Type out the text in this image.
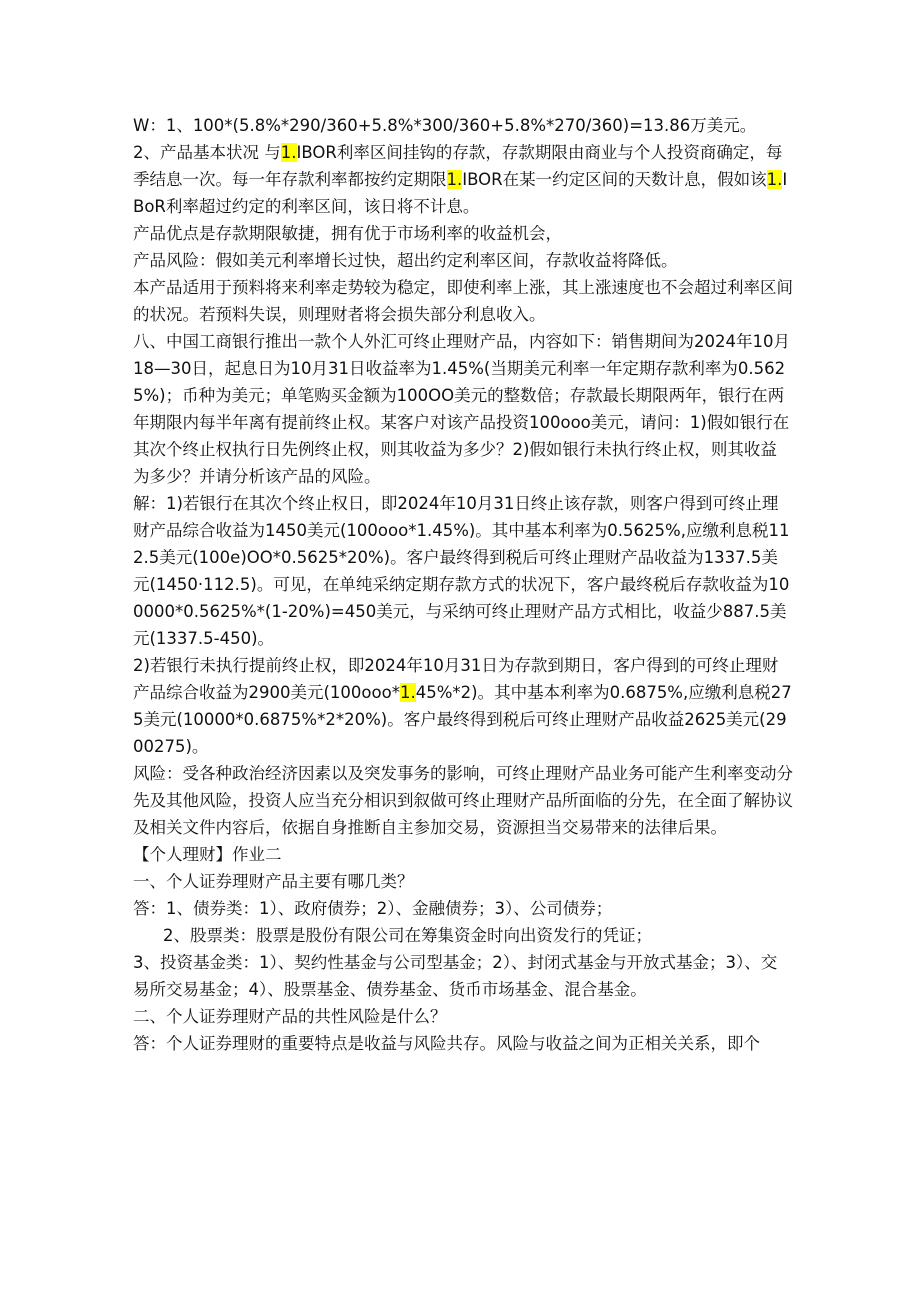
W：1、100*(5.8%*290/360+5.8%*300/360+5.8%*270/360)=13.86万美元。

2、产品基本状况 与1.IBOR利率区间挂钩的存款，存款期限由商业与个人投资商确定，每季结息一次。每一年存款利率都按约定期限1.IBOR在某一约定区间的天数计息，假如该1.IBoR利率超过约定的利率区间，该日将不计息。

产品优点是存款期限敏捷，拥有优于市场利率的收益机会，

产品风险：假如美元利率增长过快，超出约定利率区间，存款收益将降低。

本产品适用于预料将来利率走势较为稳定，即使利率上涨，其上涨速度也不会超过利率区间的状况。若预料失误，则理财者将会损失部分利息收入。

八、中国工商银行推出一款个人外汇可终止理财产品，内容如下：销售期间为2024年10月18—30日，起息日为10月31日收益率为1.45%(当期美元利率一年定期存款利率为0.5625%)；币种为美元；单笔购买金额为100OO美元的整数倍；存款最长期限两年，银行在两年期限内每半年离有提前终止权。某客户对该产品投资100ooo美元，请问：1)假如银行在其次个终止权执行日先例终止权，则其收益为多少？2)假如银行未执行终止权，则其收益为多少？并请分析该产品的风险。

解：1)若银行在其次个终止权日，即2024年10月31日终止该存款，则客户得到可终止理财产品综合收益为1450美元(100ooo*1.45%)。其中基本利率为0.5625%,应缴利息税112.5美元(100e)OO*0.5625*20%)。客户最终得到税后可终止理财产品收益为1337.5美元(1450·112.5)。可见，在单纯采纳定期存款方式的状况下，客户最终税后存款收益为100000*0.5625%*(1-20%)=450美元，与采纳可终止理财产品方式相比，收益少887.5美元(1337.5-450)。

2)若银行未执行提前终止权，即2024年10月31日为存款到期日，客户得到的可终止理财产品综合收益为2900美元(100ooo*1.45%*2)。其中基本利率为0.6875%,应缴利息税275美元(10000*0.6875%*2*20%)。客户最终得到税后可终止理财产品收益2625美元(2900275)。

风险：受各种政治经济因素以及突发事务的影响，可终止理财产品业务可能产生利率变动分先及其他风险，投资人应当充分相识到叙做可终止理财产品所面临的分先，在全面了解协议及相关文件内容后，依据自身推断自主参加交易，资源担当交易带来的法律后果。

【个人理财】作业二

一、个人证券理财产品主要有哪几类？

答：1、债券类：1）、政府债券；2）、金融债券；3）、公司债券；

2、股票类：股票是股份有限公司在筹集资金时向出资发行的凭证；

3、投资基金类：1）、契约性基金与公司型基金；2）、封闭式基金与开放式基金；3）、交易所交易基金；4）、股票基金、债券基金、货币市场基金、混合基金。

二、个人证券理财产品的共性风险是什么？

答：个人证券理财的重要特点是收益与风险共存。风险与收益之间为正相关关系，即个
